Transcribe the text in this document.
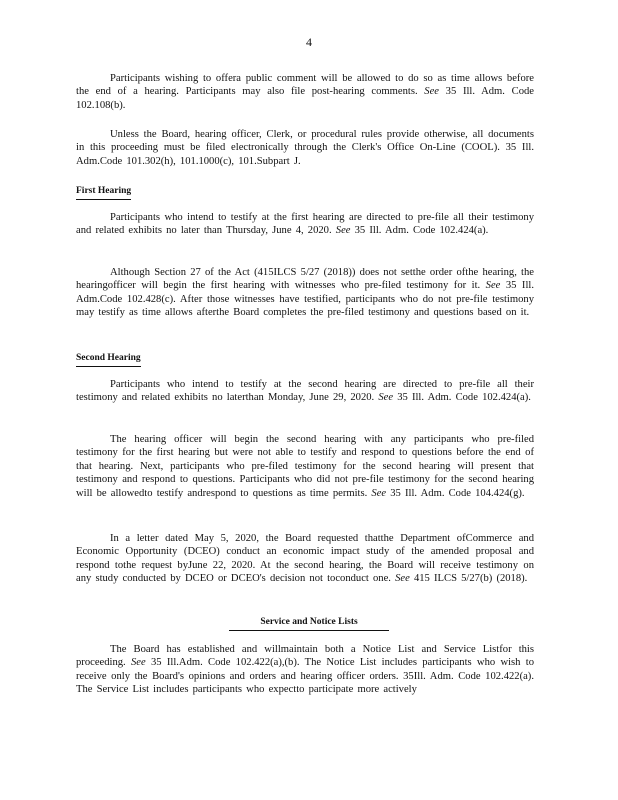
4
Participants wishing to offera public comment will be allowed to do so as time allows before the end of a hearing. Participants may also file post-hearing comments. See 35 Ill. Adm. Code 102.108(b).
Unless the Board, hearing officer, Clerk, or procedural rules provide otherwise, all documents in this proceeding must be filed electronically through the Clerk's Office On-Line (COOL). 35 Ill. Adm.Code 101.302(h), 101.1000(c), 101.Subpart J.
First Hearing
Participants who intend to testify at the first hearing are directed to pre-file all their testimony and related exhibits no later than Thursday, June 4, 2020. See 35 Ill. Adm. Code 102.424(a).
Although Section 27 of the Act (415ILCS 5/27 (2018)) does not setthe order ofthe hearing, the hearingofficer will begin the first hearing with witnesses who pre-filed testimony for it. See 35 Ill. Adm.Code 102.428(c). After those witnesses have testified, participants who do not pre-file testimony may testify as time allows afterthe Board completes the pre-filed testimony and questions based on it.
Second Hearing
Participants who intend to testify at the second hearing are directed to pre-file all their testimony and related exhibits no laterthan Monday, June 29, 2020. See 35 Ill. Adm. Code 102.424(a).
The hearing officer will begin the second hearing with any participants who pre-filed testimony for the first hearing but were not able to testify and respond to questions before the end of that hearing. Next, participants who pre-filed testimony for the second hearing will present that testimony and respond to questions. Participants who did not pre-file testimony for the second hearing will be allowedto testify andrespond to questions as time permits. See 35 Ill. Adm. Code 104.424(g).
In a letter dated May 5, 2020, the Board requested thatthe Department ofCommerce and Economic Opportunity (DCEO) conduct an economic impact study of the amended proposal and respond tothe request byJune 22, 2020. At the second hearing, the Board will receive testimony on any study conducted by DCEO or DCEO's decision not toconduct one. See 415 ILCS 5/27(b) (2018).
Service and Notice Lists
The Board has established and willmaintain both a Notice List and Service Listfor this proceeding. See 35 Ill.Adm. Code 102.422(a),(b). The Notice List includes participants who wish to receive only the Board's opinions and orders and hearing officer orders. 35Ill. Adm. Code 102.422(a). The Service List includes participants who expectto participate more actively
